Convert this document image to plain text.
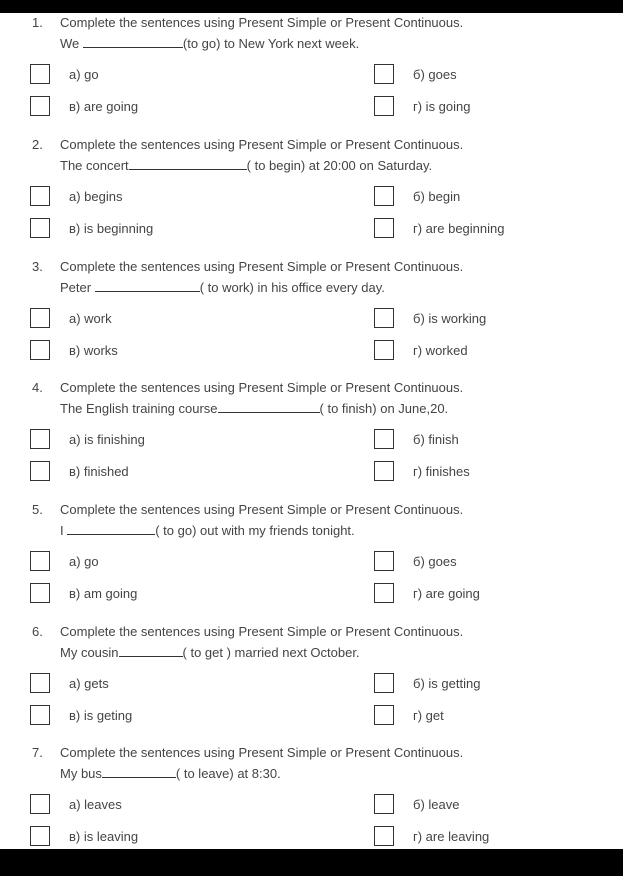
1. Complete the sentences using Present Simple or Present Continuous.
We	(to go) to New York next week.
а) go	б) goes
в) are going	г) is going
2. Complete the sentences using Present Simple or Present Continuous.
The concert	( to begin) at 20:00 on Saturday.
а) begins	б) begin
в) is beginning	г) are beginning
3. Complete the sentences using Present Simple or Present Continuous.
Peter	( to work) in his office every day.
а) work	б) is working
в) works	г) worked
4. Complete the sentences using Present Simple or Present Continuous.
The English training course	( to finish) on June,20.
а) is finishing	б) finish
в) finished	г) finishes
5. Complete the sentences using Present Simple or Present Continuous.
I	( to go) out with my friends tonight.
а) go	б) goes
в) am going	г) are going
6. Complete the sentences using Present Simple or Present Continuous.
My cousin	( to get ) married next October.
а) gets	б) is getting
в) is geting	г) get
7. Complete the sentences using Present Simple or Present Continuous.
My bus	( to leave) at 8:30.
а) leaves	б) leave
в) is leaving	г) are leaving
